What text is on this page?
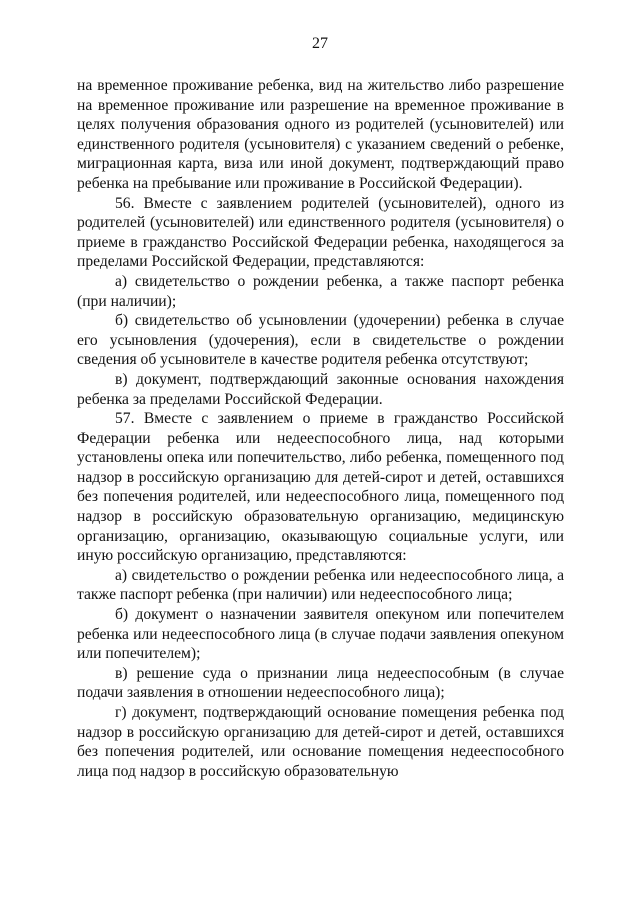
27

на временное проживание ребенка, вид на жительство либо разрешение на временное проживание или разрешение на временное проживание в целях получения образования одного из родителей (усыновителей) или единственного родителя (усыновителя) с указанием сведений о ребенке, миграционная карта, виза или иной документ, подтверждающий право ребенка на пребывание или проживание в Российской Федерации).

56. Вместе с заявлением родителей (усыновителей), одного из родителей (усыновителей) или единственного родителя (усыновителя) о приеме в гражданство Российской Федерации ребенка, находящегося за пределами Российской Федерации, представляются:

а) свидетельство о рождении ребенка, а также паспорт ребенка (при наличии);

б) свидетельство об усыновлении (удочерении) ребенка в случае его усыновления (удочерения), если в свидетельстве о рождении сведения об усыновителе в качестве родителя ребенка отсутствуют;

в) документ, подтверждающий законные основания нахождения ребенка за пределами Российской Федерации.

57. Вместе с заявлением о приеме в гражданство Российской Федерации ребенка или недееспособного лица, над которыми установлены опека или попечительство, либо ребенка, помещенного под надзор в российскую организацию для детей-сирот и детей, оставшихся без попечения родителей, или недееспособного лица, помещенного под надзор в российскую образовательную организацию, медицинскую организацию, организацию, оказывающую социальные услуги, или иную российскую организацию, представляются:

а) свидетельство о рождении ребенка или недееспособного лица, а также паспорт ребенка (при наличии) или недееспособного лица;

б) документ о назначении заявителя опекуном или попечителем ребенка или недееспособного лица (в случае подачи заявления опекуном или попечителем);

в) решение суда о признании лица недееспособным (в случае подачи заявления в отношении недееспособного лица);

г) документ, подтверждающий основание помещения ребенка под надзор в российскую организацию для детей-сирот и детей, оставшихся без попечения родителей, или основание помещения недееспособного лица под надзор в российскую образовательную
